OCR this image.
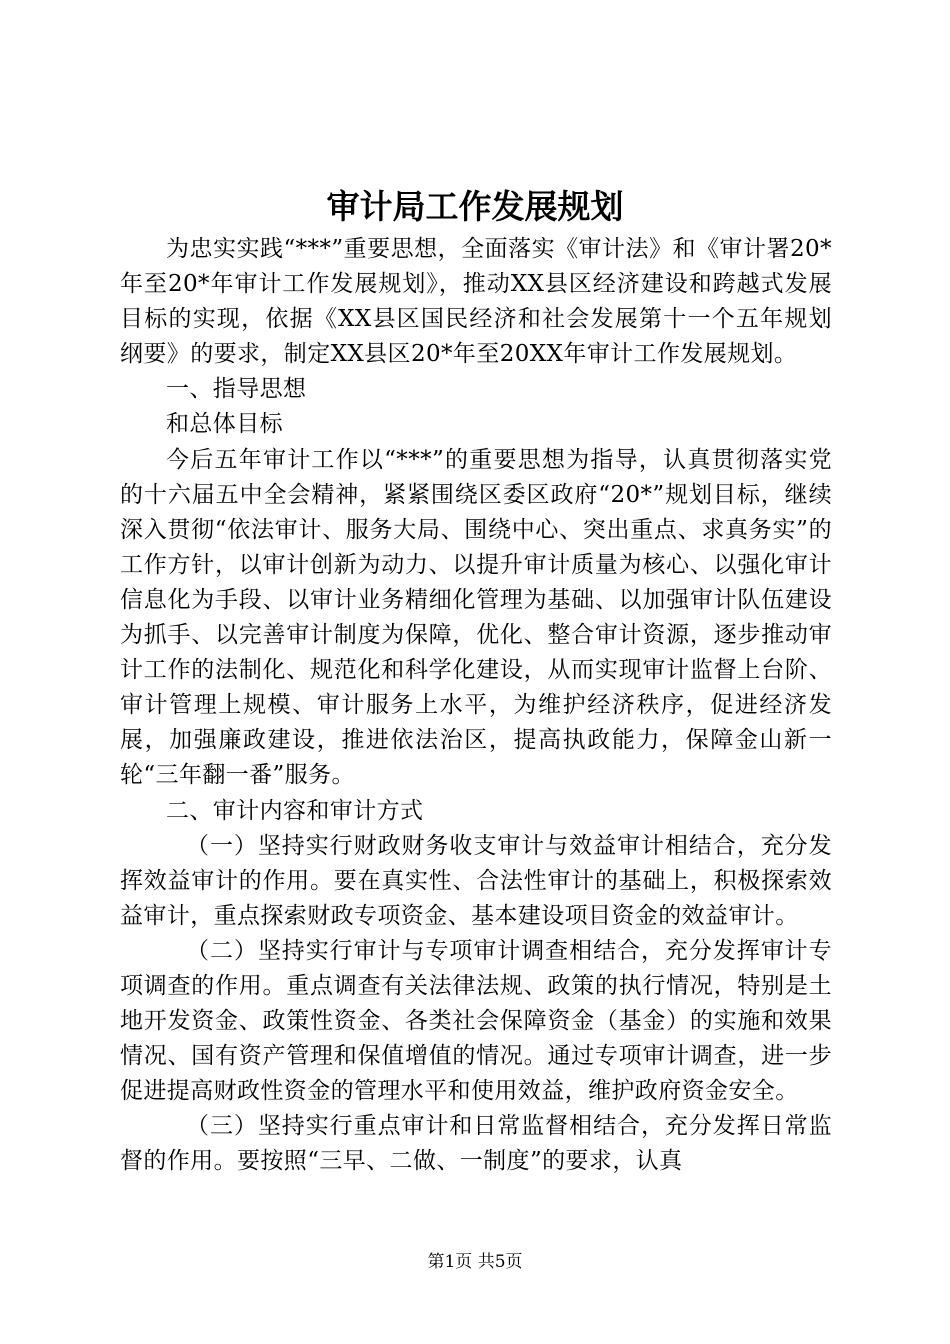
审计局工作发展规划

为忠实实践“***”重要思想，全面落实《审计法》和《审计署20*年至20*年审计工作发展规划》，推动XX县区经济建设和跨越式发展目标的实现，依据《XX县区国民经济和社会发展第十一个五年规划纲要》的要求，制定XX县区20*年至20XX年审计工作发展规划。

一、指导思想

和总体目标

今后五年审计工作以“***”的重要思想为指导，认真贯彻落实党的十六届五中全会精神，紧紧围绕区委区政府“20*”规划目标，继续深入贯彻“依法审计、服务大局、围绕中心、突出重点、求真务实”的工作方针，以审计创新为动力、以提升审计质量为核心、以强化审计信息化为手段、以审计业务精细化管理为基础、以加强审计队伍建设为抓手、以完善审计制度为保障，优化、整合审计资源，逐步推动审计工作的法制化、规范化和科学化建设，从而实现审计监督上台阶、审计管理上规模、审计服务上水平，为维护经济秩序，促进经济发展，加强廉政建设，推进依法治区，提高执政能力，保障金山新一轮“三年翻一番”服务。

二、审计内容和审计方式

（一）坚持实行财政财务收支审计与效益审计相结合，充分发挥效益审计的作用。要在真实性、合法性审计的基础上，积极探索效益审计，重点探索财政专项资金、基本建设项目资金的效益审计。

（二）坚持实行审计与专项审计调查相结合，充分发挥审计专项调查的作用。重点调查有关法律法规、政策的执行情况，特别是土地开发资金、政策性资金、各类社会保障资金（基金）的实施和效果情况、国有资产管理和保值增值的情况。通过专项审计调查，进一步促进提高财政性资金的管理水平和使用效益，维护政府资金安全。

（三）坚持实行重点审计和日常监督相结合，充分发挥日常监督的作用。要按照“三早、二做、一制度”的要求，认真

第1页 共5页
